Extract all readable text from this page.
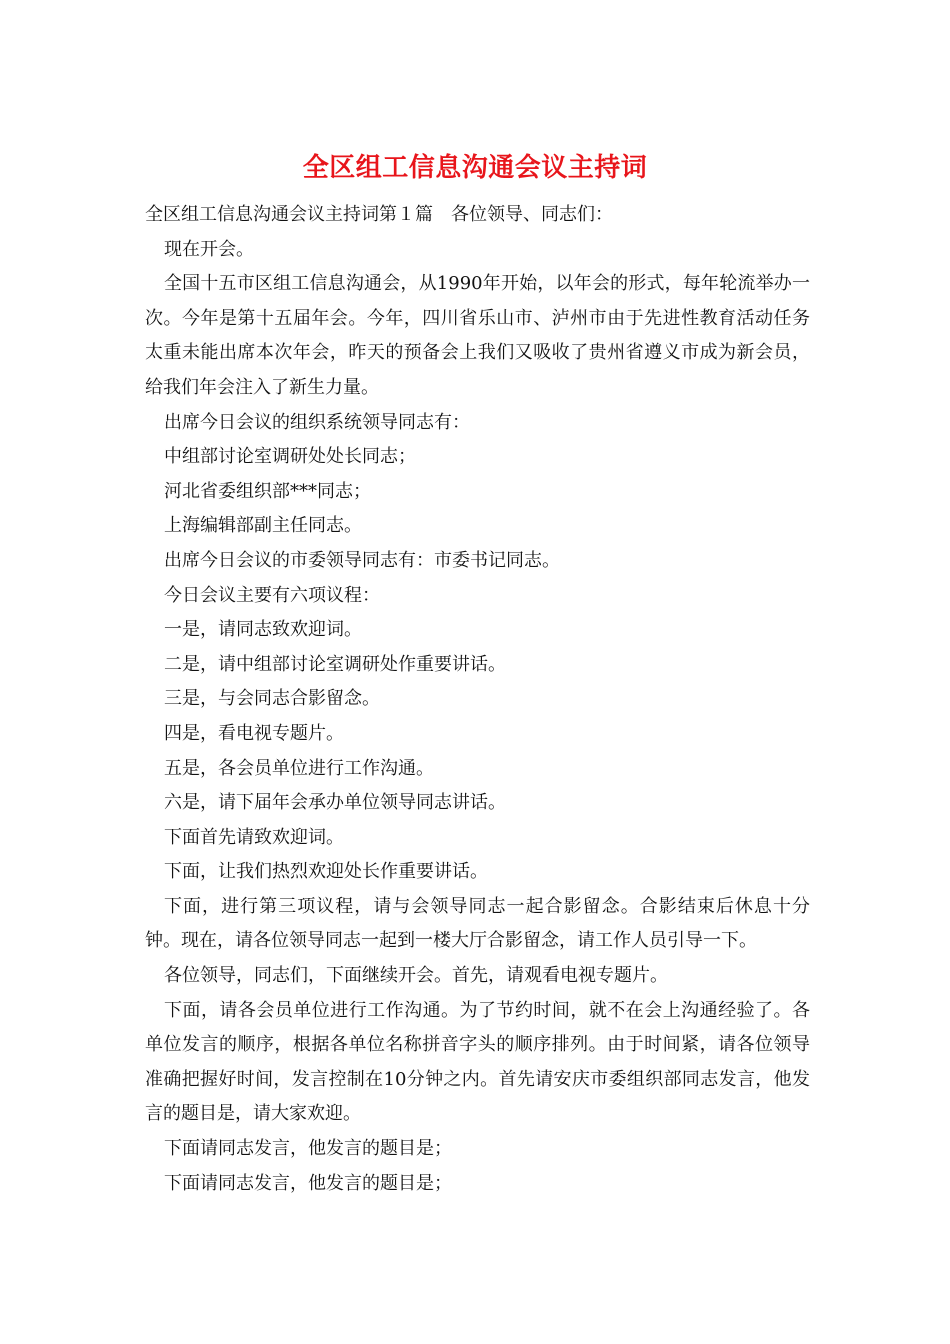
全区组工信息沟通会议主持词

全区组工信息沟通会议主持词第１篇 各位领导、同志们：

现在开会。

全国十五市区组工信息沟通会，从1990年开始，以年会的形式，每年轮流举办一次。今年是第十五届年会。今年，四川省乐山市、泸州市由于先进性教育活动任务太重未能出席本次年会，昨天的预备会上我们又吸收了贵州省遵义市成为新会员，给我们年会注入了新生力量。

出席今日会议的组织系统领导同志有：

中组部讨论室调研处处长同志；

河北省委组织部***同志；

上海编辑部副主任同志。

出席今日会议的市委领导同志有：市委书记同志。

今日会议主要有六项议程：

一是，请同志致欢迎词。

二是，请中组部讨论室调研处作重要讲话。

三是，与会同志合影留念。

四是，看电视专题片。

五是，各会员单位进行工作沟通。

六是，请下届年会承办单位领导同志讲话。

下面首先请致欢迎词。

下面，让我们热烈欢迎处长作重要讲话。

下面，进行第三项议程，请与会领导同志一起合影留念。合影结束后休息十分钟。现在，请各位领导同志一起到一楼大厅合影留念，请工作人员引导一下。

各位领导，同志们，下面继续开会。首先，请观看电视专题片。

下面，请各会员单位进行工作沟通。为了节约时间，就不在会上沟通经验了。各单位发言的顺序，根据各单位名称拼音字头的顺序排列。由于时间紧，请各位领导准确把握好时间，发言控制在10分钟之内。首先请安庆市委组织部同志发言，他发言的题目是，请大家欢迎。

下面请同志发言，他发言的题目是；

下面请同志发言，他发言的题目是；
